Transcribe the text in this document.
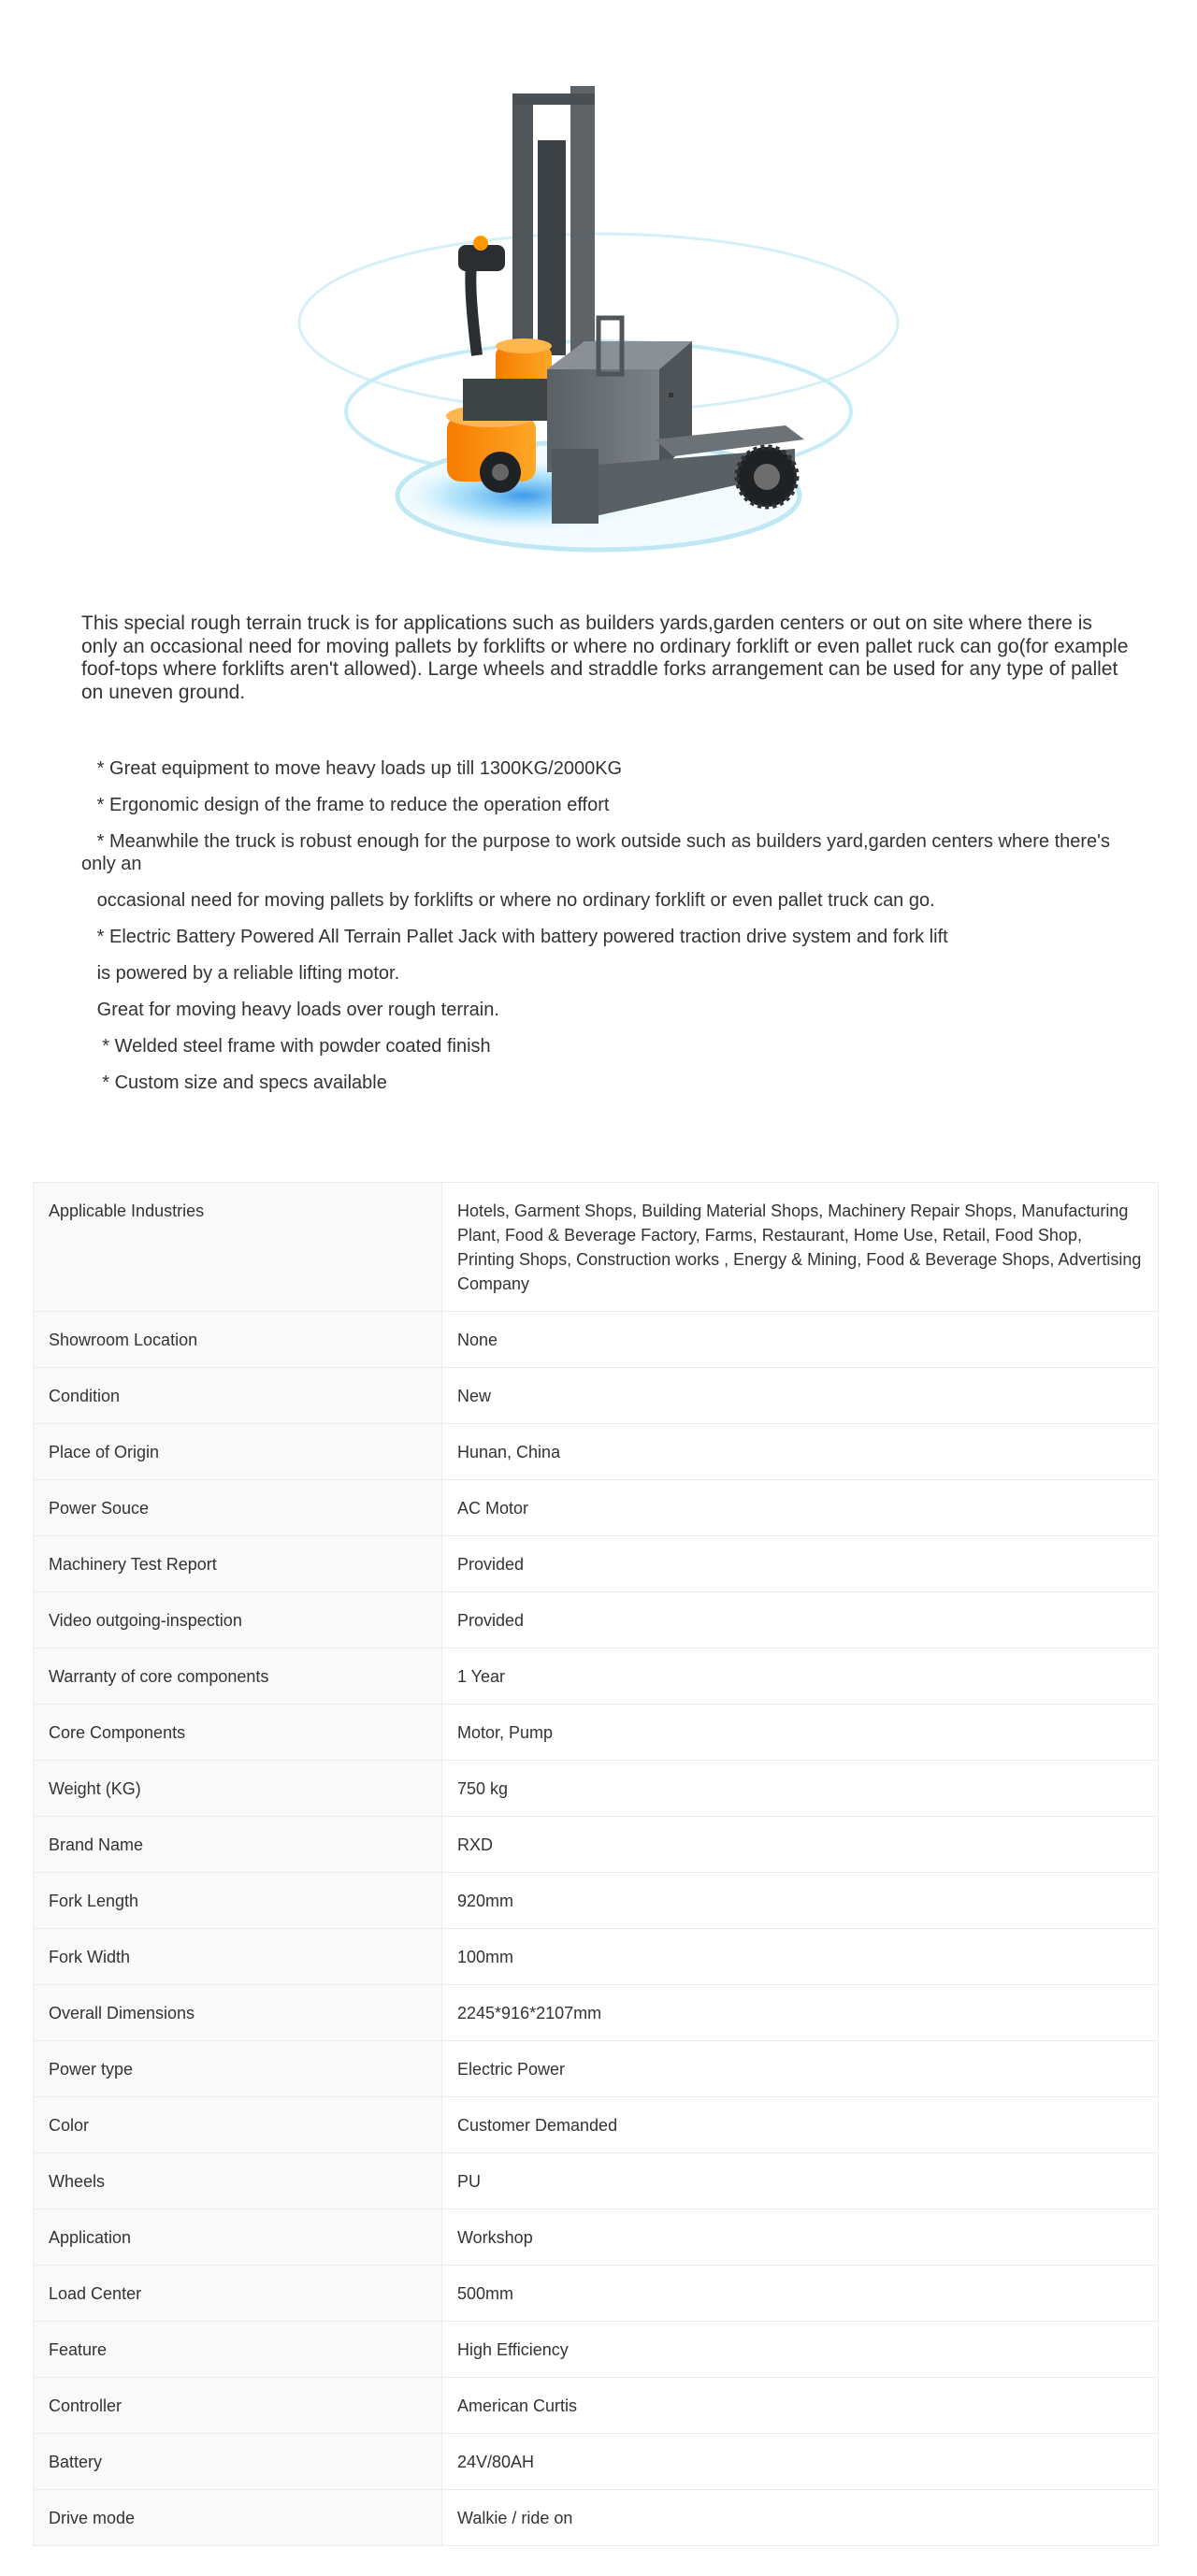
This special rough terrain truck is for applications such as builders yards,garden centers or out on site where there is only an occasional need for moving pallets by forklifts or where no ordinary forklift or even pallet ruck can go(for example foof-tops where forklifts aren't allowed). Large wheels and straddle forks arrangement can be used for any type of pallet on uneven ground.

* Great equipment to move heavy loads up till 1300KG/2000KG

* Ergonomic design of the frame to reduce the operation effort

* Meanwhile the truck is robust enough for the purpose to work outside such as builders yard,garden centers where there's only an

occasional need for moving pallets by forklifts or where no ordinary forklift or even pallet truck can go.

* Electric Battery Powered All Terrain Pallet Jack with battery powered traction drive system and fork lift

is powered by a reliable lifting motor.

Great for moving heavy loads over rough terrain.

* Welded steel frame with powder coated finish

* Custom size and specs available

Applicable Industries	Hotels, Garment Shops, Building Material Shops, Machinery Repair Shops, Manufacturing Plant, Food & Beverage Factory, Farms, Restaurant, Home Use, Retail, Food Shop, Printing Shops, Construction works , Energy & Mining, Food & Beverage Shops, Advertising Company
Showroom Location	None
Condition	New
Place of Origin	Hunan, China
Power Souce	AC Motor
Machinery Test Report	Provided
Video outgoing-inspection	Provided
Warranty of core components	1 Year
Core Components	Motor, Pump
Weight (KG)	750 kg
Brand Name	RXD
Fork Length	920mm
Fork Width	100mm
Overall Dimensions	2245*916*2107mm
Power type	Electric Power
Color	Customer Demanded
Wheels	PU
Application	Workshop
Load Center	500mm
Feature	High Efficiency
Controller	American Curtis
Battery	24V/80AH
Drive mode	Walkie / ride on
